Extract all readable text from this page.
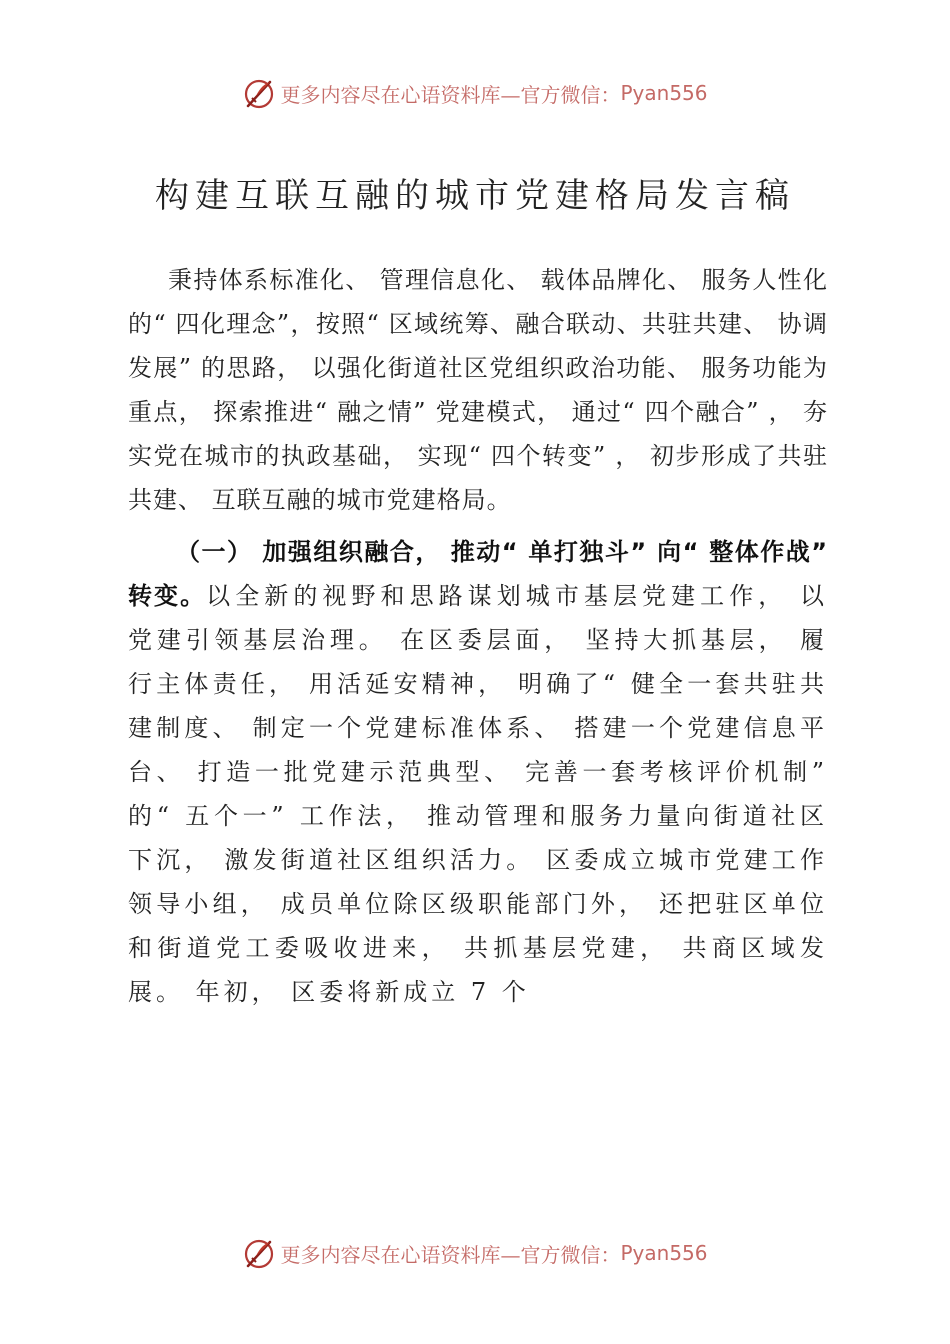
更多内容尽在心语资料库—官方微信： Pyan556
构建互联互融的城市党建格局发言稿
秉持体系标准化、 管理信息化、 载体品牌化、 服务人性化的“ 四化理念”，按照“ 区域统筹、融合联动、共驻共建、 协调发展” 的思路， 以强化街道社区党组织政治功能、 服务功能为重点， 探索推进“ 融之情” 党建模式， 通过“ 四个融合” ， 夯实党在城市的执政基础， 实现“ 四个转变” ， 初步形成了共驻共建、 互联互融的城市党建格局。
（一） 加强组织融合， 推动“ 单打独斗” 向“ 整体作战” 转变。以全新的视野和思路谋划城市基层党建工作， 以党建引领基层治理。 在区委层面， 坚持大抓基层， 履行主体责任， 用活延安精神， 明确了“ 健全一套共驻共建制度、 制定一个党建标准体系、 搭建一个党建信息平台、 打造一批党建示范典型、 完善一套考核评价机制” 的“ 五个一” 工作法， 推动管理和服务力量向街道社区下沉， 激发街道社区组织活力。 区委成立城市党建工作领导小组， 成员单位除区级职能部门外， 还把驻区单位和街道党工委吸收进来， 共抓基层党建， 共商区域发展。 年初， 区委将新成立 7 个
更多内容尽在心语资料库—官方微信： Pyan556
